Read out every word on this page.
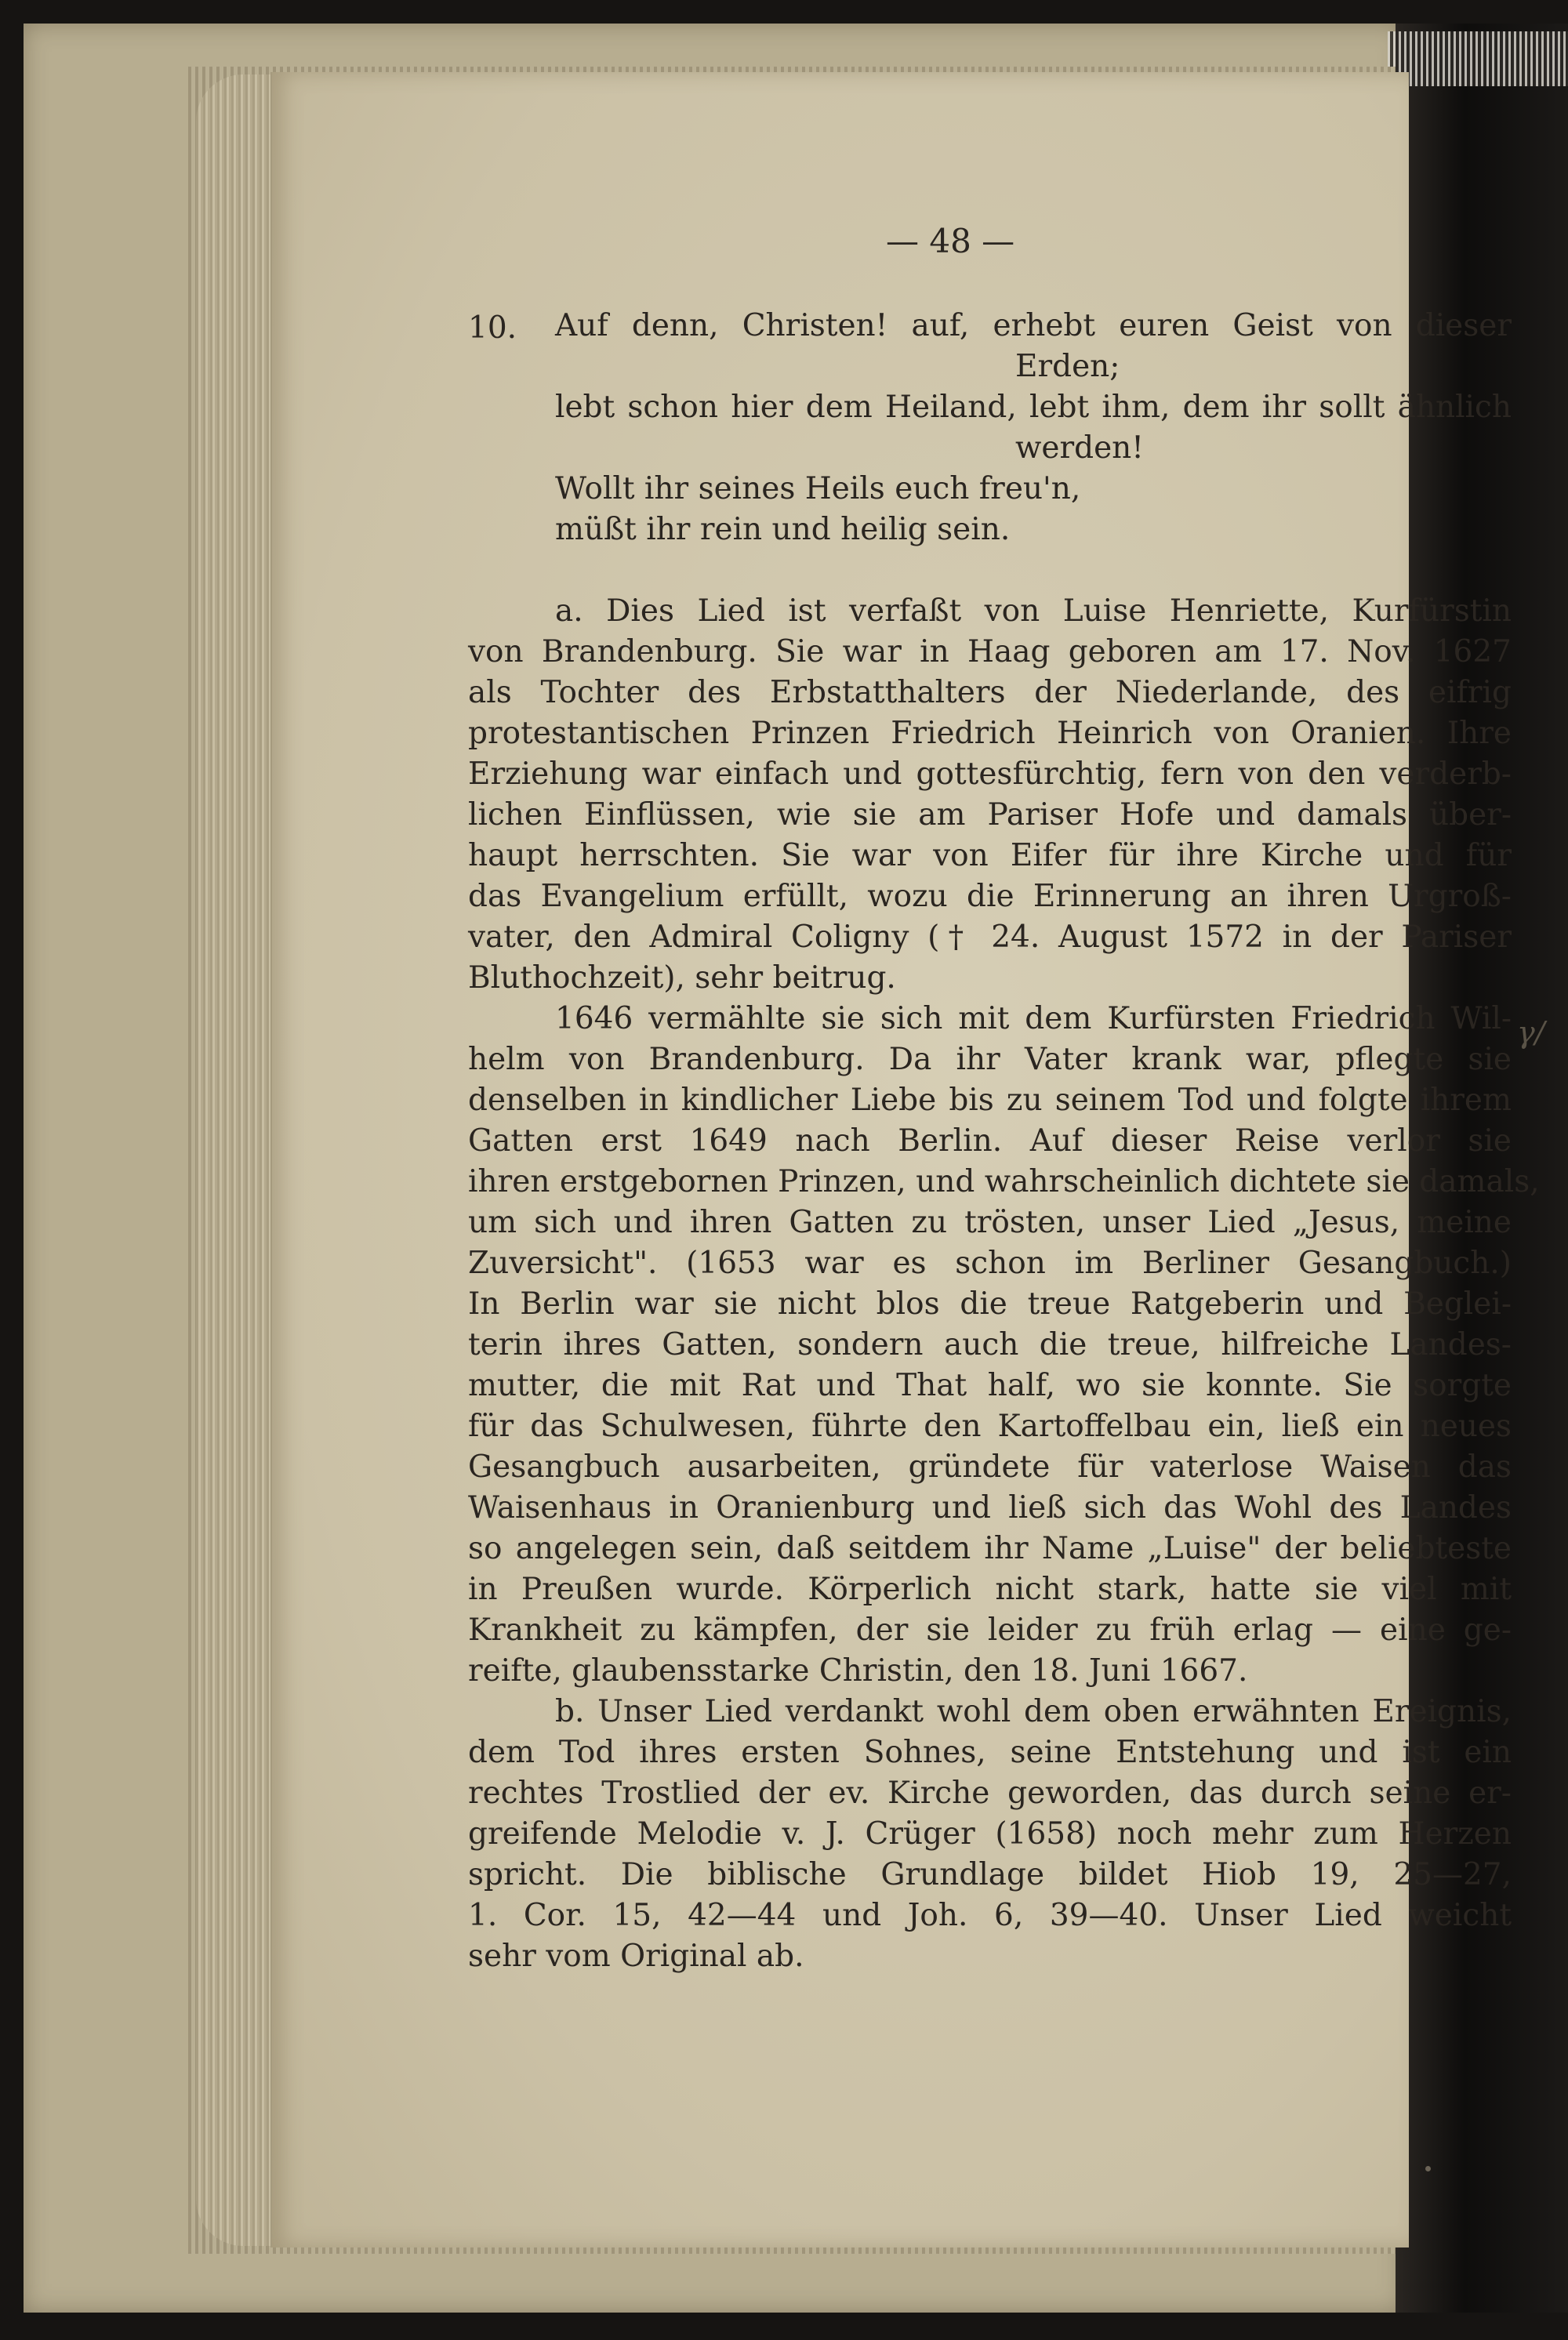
— 48 —
10. Auf denn, Christen! auf, erhebt euren Geist von dieser
Erden;
lebt schon hier dem Heiland, lebt ihm, dem ihr sollt ähnlich
werden!
Wollt ihr seines Heils euch freu'n,
müßt ihr rein und heilig sein.
a. Dies Lied ist verfaßt von Luise Henriette, Kurfürstin
von Brandenburg. Sie war in Haag geboren am 17. Nov. 1627
als Tochter des Erbstatthalters der Niederlande, des eifrig
protestantischen Prinzen Friedrich Heinrich von Oranien. Ihre
Erziehung war einfach und gottesfürchtig, fern von den verderb-
lichen Einflüssen, wie sie am Pariser Hofe und damals über-
haupt herrschten. Sie war von Eifer für ihre Kirche und für
das Evangelium erfüllt, wozu die Erinnerung an ihren Urgroß-
vater, den Admiral Coligny († 24. August 1572 in der Pariser
Bluthochzeit), sehr beitrug.
1646 vermählte sie sich mit dem Kurfürsten Friedrich Wil-
helm von Brandenburg. Da ihr Vater krank war, pflegte sie
denselben in kindlicher Liebe bis zu seinem Tod und folgte ihrem
Gatten erst 1649 nach Berlin. Auf dieser Reise verlor sie
ihren erstgebornen Prinzen, und wahrscheinlich dichtete sie damals,
um sich und ihren Gatten zu trösten, unser Lied „Jesus, meine
Zuversicht". (1653 war es schon im Berliner Gesangbuch.)
In Berlin war sie nicht blos die treue Ratgeberin und Beglei-
terin ihres Gatten, sondern auch die treue, hilfreiche Landes-
mutter, die mit Rat und That half, wo sie konnte. Sie sorgte
für das Schulwesen, führte den Kartoffelbau ein, ließ ein neues
Gesangbuch ausarbeiten, gründete für vaterlose Waisen das
Waisenhaus in Oranienburg und ließ sich das Wohl des Landes
so angelegen sein, daß seitdem ihr Name „Luise" der beliebteste
in Preußen wurde. Körperlich nicht stark, hatte sie viel mit
Krankheit zu kämpfen, der sie leider zu früh erlag — eine ge-
reifte, glaubensstarke Christin, den 18. Juni 1667.
b. Unser Lied verdankt wohl dem oben erwähnten Ereignis,
dem Tod ihres ersten Sohnes, seine Entstehung und ist ein
rechtes Trostlied der ev. Kirche geworden, das durch seine er-
greifende Melodie v. J. Crüger (1658) noch mehr zum Herzen
spricht. Die biblische Grundlage bildet Hiob 19, 25—27,
1. Cor. 15, 42—44 und Joh. 6, 39—40. Unser Lied weicht
sehr vom Original ab.
γ/
